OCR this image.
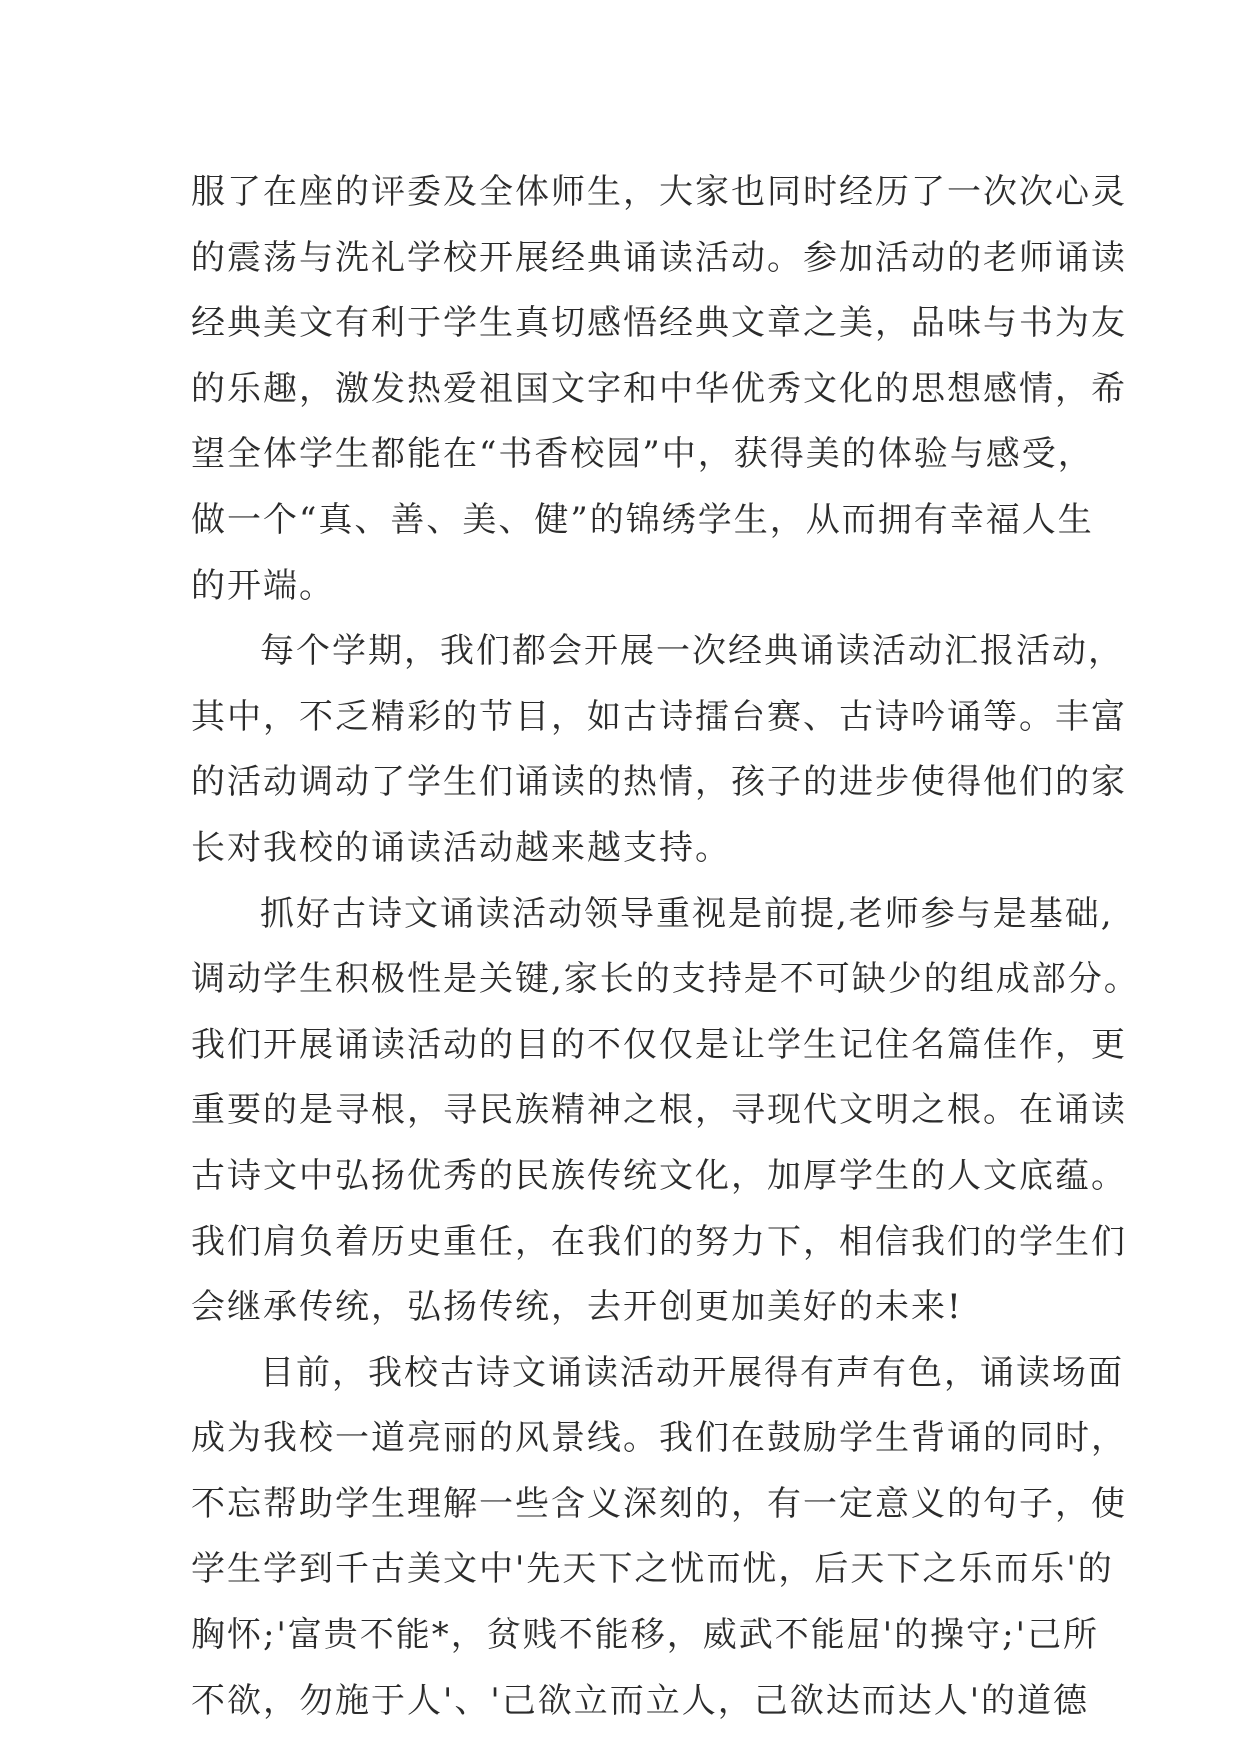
服了在座的评委及全体师生，大家也同时经历了一次次心灵
的震荡与洗礼学校开展经典诵读活动。参加活动的老师诵读
经典美文有利于学生真切感悟经典文章之美，品味与书为友
的乐趣，激发热爱祖国文字和中华优秀文化的思想感情，希
望全体学生都能在“书香校园”中，获得美的体验与感受，
做一个“真、善、美、健”的锦绣学生，从而拥有幸福人生
的开端。
每个学期，我们都会开展一次经典诵读活动汇报活动，
其中，不乏精彩的节目，如古诗擂台赛、古诗吟诵等。丰富
的活动调动了学生们诵读的热情，孩子的进步使得他们的家
长对我校的诵读活动越来越支持。
抓好古诗文诵读活动领导重视是前提,老师参与是基础,
调动学生积极性是关键,家长的支持是不可缺少的组成部分。
我们开展诵读活动的目的不仅仅是让学生记住名篇佳作，更
重要的是寻根，寻民族精神之根，寻现代文明之根。在诵读
古诗文中弘扬优秀的民族传统文化，加厚学生的人文底蕴。
我们肩负着历史重任，在我们的努力下，相信我们的学生们
会继承传统，弘扬传统，去开创更加美好的未来!
目前，我校古诗文诵读活动开展得有声有色，诵读场面
成为我校一道亮丽的风景线。我们在鼓励学生背诵的同时，
不忘帮助学生理解一些含义深刻的，有一定意义的句子，使
学生学到千古美文中'先天下之忧而忧，后天下之乐而乐'的
胸怀;'富贵不能*，贫贱不能移，威武不能屈'的操守;'己所
不欲，勿施于人'、'己欲立而立人，己欲达而达人'的道德
